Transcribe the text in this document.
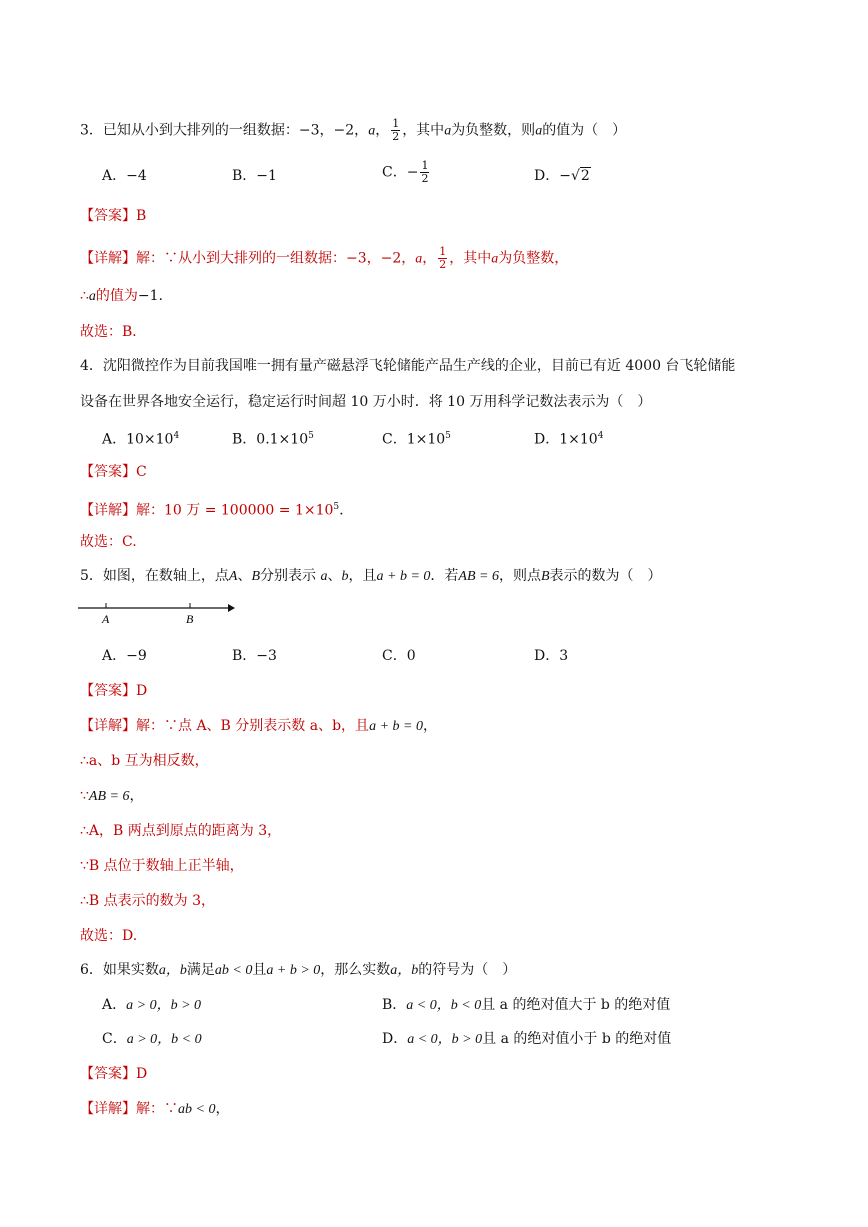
3．已知从小到大排列的一组数据：−3，−2，a， $\frac{1}{2}$ ，其中a为负整数，则a的值为（　）
A．−4	B．−1	C．− $\frac{1}{2}$	D．−√2
【答案】B
【详解】解：∵从小到大排列的一组数据：−3，−2，a， $\frac{1}{2}$ ，其中a为负整数，
∴a的值为−1.
故选：B．
4．沈阳微控作为目前我国唯一拥有量产磁悬浮飞轮储能产品生产线的企业，目前已有近 4000 台飞轮储能
设备在世界各地安全运行，稳定运行时间超 10 万小时．将 10 万用科学记数法表示为（　）
A．$10\times 10^4$	B．$0.1\times 10^5$	C．$1\times 10^5$	D．$1\times 10^4$
【答案】C
【详解】解：10 万 = $100000 = 1\times 10^5$.
故选：C.
5．如图，在数轴上，点A、B分别表示 a、b，且a + b = 0．若AB = 6，则点B表示的数为（　）
A	B
A．−9	B．−3	C．0	D．3
【答案】D
【详解】解：∵点 A、B 分别表示数 a、b，且a + b = 0，
∴a、b 互为相反数，
∵AB = 6，
∴A，B 两点到原点的距离为 3，
∵B 点位于数轴上正半轴，
∴B 点表示的数为 3，
故选：D.
6．如果实数a，b满足ab < 0且a + b > 0，那么实数a，b的符号为（　）
A．a > 0，b > 0	B．a < 0，b < 0且 a 的绝对值大于 b 的绝对值
C．a > 0，b < 0	D．a < 0，b > 0且 a 的绝对值小于 b 的绝对值
【答案】D
【详解】解：∵ab < 0，
